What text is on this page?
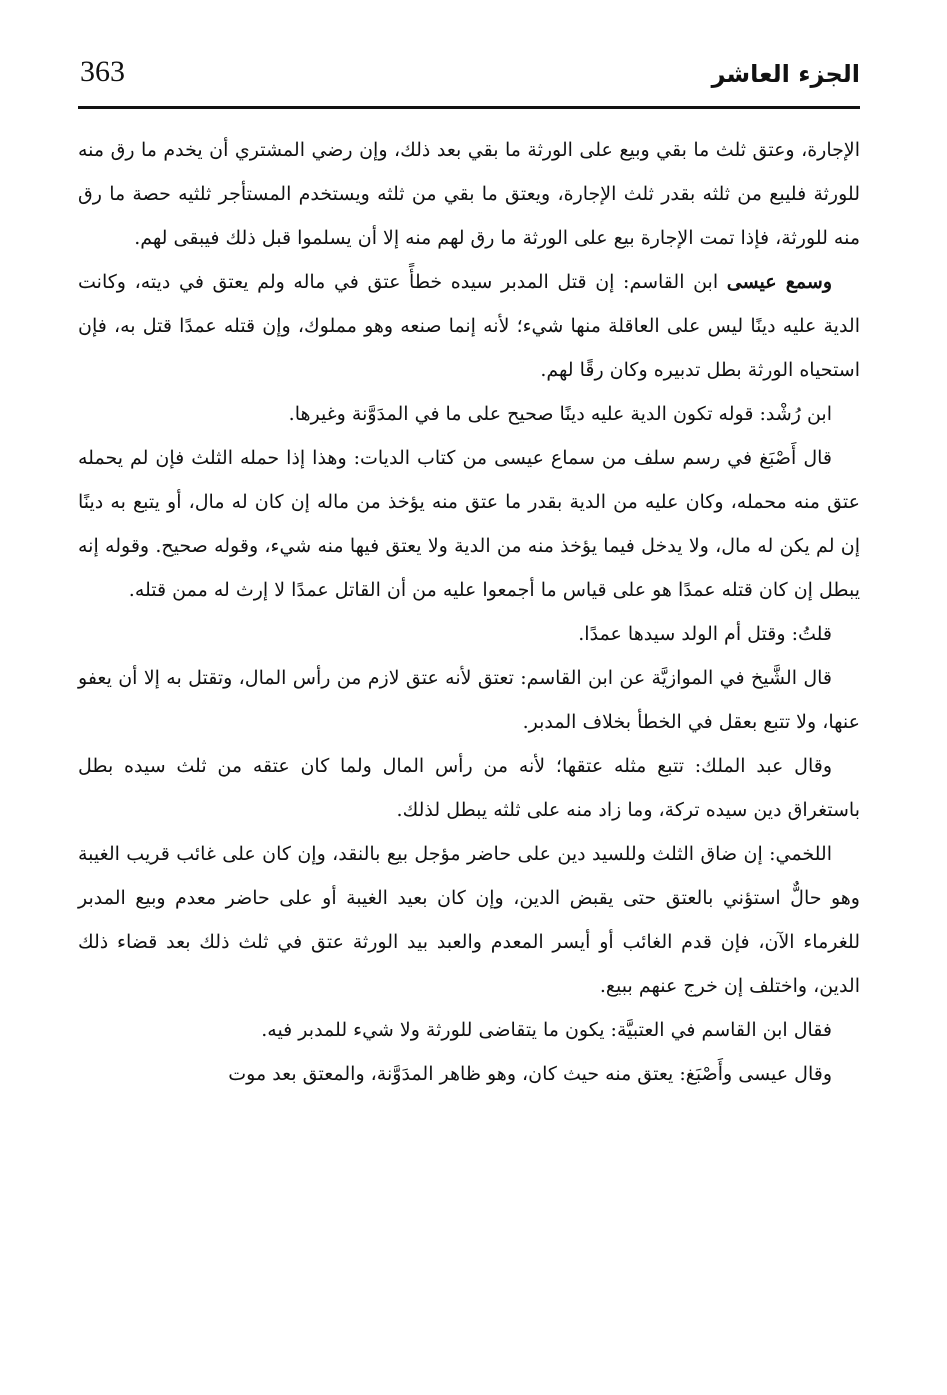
363	الجزء العاشر

الإجارة، وعتق ثلث ما بقي وبيع على الورثة ما بقي بعد ذلك، وإن رضي المشتري أن يخدم ما رق منه للورثة فليبع من ثلثه بقدر ثلث الإجارة، ويعتق ما بقي من ثلثه ويستخدم المستأجر ثلثيه حصة ما رق منه للورثة، فإذا تمت الإجارة بيع على الورثة ما رق لهم منه إلا أن يسلموا قبل ذلك فيبقى لهم.

وسمع عيسى ابن القاسم: إن قتل المدبر سيده خطأً عتق في ماله ولم يعتق في ديته، وكانت الدية عليه دينًا ليس على العاقلة منها شيء؛ لأنه إنما صنعه وهو مملوك، وإن قتله عمدًا قتل به، فإن استحياه الورثة بطل تدبيره وكان رقًا لهم.

ابن رُشْد: قوله تكون الدية عليه دينًا صحيح على ما في المدَوَّنة وغيرها.

قال أَصْبَغ في رسم سلف من سماع عيسى من كتاب الديات: وهذا إذا حمله الثلث فإن لم يحمله عتق منه محمله، وكان عليه من الدية بقدر ما عتق منه يؤخذ من ماله إن كان له مال، أو يتبع به دينًا إن لم يكن له مال، ولا يدخل فيما يؤخذ منه من الدية ولا يعتق فيها منه شيء، وقوله صحيح. وقوله إنه يبطل إن كان قتله عمدًا هو على قياس ما أجمعوا عليه من أن القاتل عمدًا لا إرث له ممن قتله.

قلتُ: وقتل أم الولد سيدها عمدًا.

قال الشَّيخ في الموازيَّة عن ابن القاسم: تعتق لأنه عتق لازم من رأس المال، وتقتل به إلا أن يعفو عنها، ولا تتبع بعقل في الخطأ بخلاف المدبر.

وقال عبد الملك: تتبع مثله عتقها؛ لأنه من رأس المال ولما كان عتقه من ثلث سيده بطل باستغراق دين سيده تركة، وما زاد منه على ثلثه يبطل لذلك.

اللخمي: إن ضاق الثلث وللسيد دين على حاضر مؤجل بيع بالنقد، وإن كان على غائب قريب الغيبة وهو حالٌّ استؤني بالعتق حتى يقبض الدين، وإن كان بعيد الغيبة أو على حاضر معدم وبيع المدبر للغرماء الآن، فإن قدم الغائب أو أيسر المعدم والعبد بيد الورثة عتق في ثلث ذلك بعد قضاء ذلك الدين، واختلف إن خرج عنهم ببيع.

فقال ابن القاسم في العتبيَّة: يكون ما يتقاضى للورثة ولا شيء للمدبر فيه.

وقال عيسى وأَصْبَغ: يعتق منه حيث كان، وهو ظاهر المدَوَّنة، والمعتق بعد موت
